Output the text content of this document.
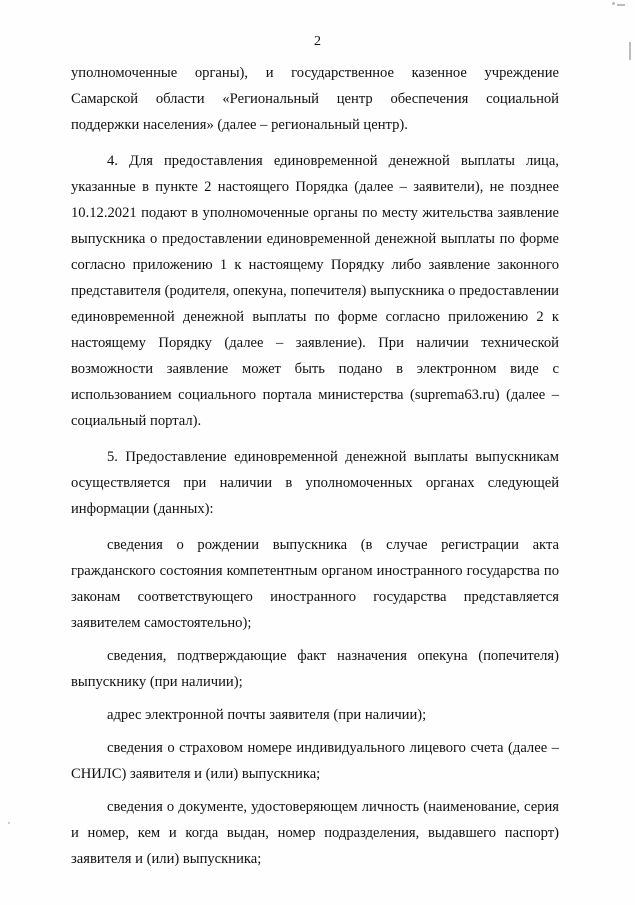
2

уполномоченные органы), и государственное казенное учреждение Самарской области «Региональный центр обеспечения социальной поддержки населения» (далее – региональный центр).

4. Для предоставления единовременной денежной выплаты лица, указанные в пункте 2 настоящего Порядка (далее – заявители), не позднее 10.12.2021 подают в уполномоченные органы по месту жительства заявление выпускника о предоставлении единовременной денежной выплаты по форме согласно приложению 1 к настоящему Порядку либо заявление законного представителя (родителя, опекуна, попечителя) выпускника о предоставлении единовременной денежной выплаты по форме согласно приложению 2 к настоящему Порядку (далее – заявление). При наличии технической возможности заявление может быть подано в электронном виде с использованием социального портала министерства (suprema63.ru) (далее – социальный портал).

5. Предоставление единовременной денежной выплаты выпускникам осуществляется при наличии в уполномоченных органах следующей информации (данных):

сведения о рождении выпускника (в случае регистрации акта гражданского состояния компетентным органом иностранного государства по законам соответствующего иностранного государства представляется заявителем самостоятельно);

сведения, подтверждающие факт назначения опекуна (попечителя) выпускнику (при наличии);

адрес электронной почты заявителя (при наличии);

сведения о страховом номере индивидуального лицевого счета (далее – СНИЛС) заявителя и (или) выпускника;

сведения о документе, удостоверяющем личность (наименование, серия и номер, кем и когда выдан, номер подразделения, выдавшего паспорт) заявителя и (или) выпускника;
